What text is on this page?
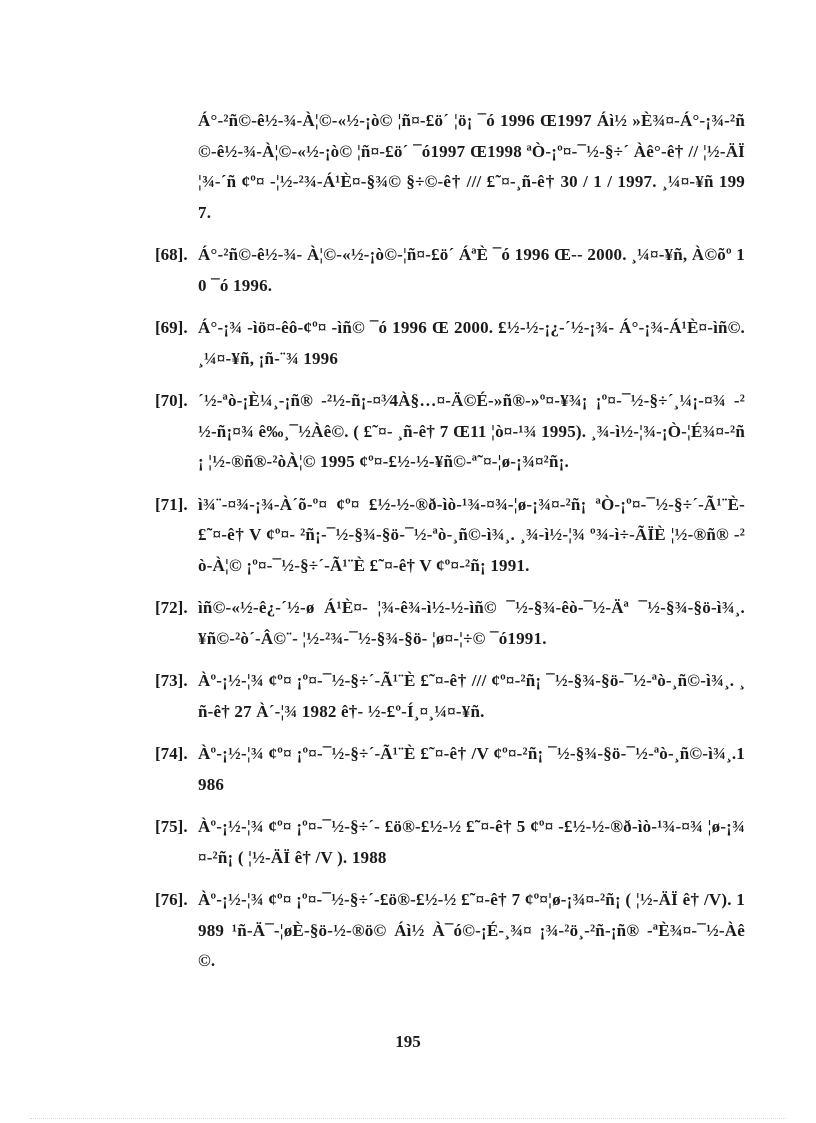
Á°-²ñ©-ê½-¾-À¦©-«½-¡ò© ¦ñ¤-£ö´ ¦ö¡ ¯ó 1996 Œ1997 Áì½ »È¾¤-Á°-¡¾-²ñ©-ê½-¾-À¦©-«½-¡ò© ¦ñ¤-£ö´ ¯ó1997 Œ1998 ªÒ-¡º¤-¯½-§÷´ Àê°-ê† // ¦½-ÄÏ ¦¾-´ñ ¢º¤ -¦½-²¾-Á¹È¤-§¾© §÷©-ê† /// £˜¤-¸ñ-ê† 30 / 1 / 1997. ¸¼¤-¥ñ 1997.
[68]. Á°-²ñ©-ê½-¾- À¦©-«½-¡ò©-¦ñ¤-£ö´ ÁªÈ ¯ó 1996 Œ-- 2000. ¸¼¤-¥ñ, À©õº 10 ¯ó 1996.
[69]. Á°-¡¾ -ìö¤-êô-¢º¤ -ìñ© ¯ó 1996 Œ 2000. £½-½-¡¿-´½-¡¾- Á°-¡¾-Á¹È¤-ìñ©. ¸¼¤-¥ñ, ¡ñ-¨¾ 1996
[70]. ´½-ªò-¡È¼¸-¡ñ® -²½-ñ¡-¤³⁄4À§…¤-Ä©É-»ñ®-»º¤-¥¾¡ ¡º¤-¯½-§÷´¸¼¡-¤¾ -²½-ñ¡¤¾ ê‰¸¯½Àê©. ( £˜¤- ¸ñ-ê† 7 Œ11 ¦ò¤-¹¾ 1995). ¸¾-ì½-¦¾-¡Ò-¦É¾¤-²ñ¡ ¦½-®ñ®-²òÀ¦© 1995 ¢º¤-£½-½-¥ñ©-ª˜¤-¦ø-¡¾¤²ñ¡.
[71]. ì¾¨-¤¾-¡¾-À´õ-º¤ ¢º¤ £½-½-®ð-ìò-¹¾-¤¾-¦ø-¡¾¤-²ñ¡ ªÒ-¡º¤-¯½-§÷´-Ã¹¨È-£˜¤-ê† V ¢º¤- ²ñ¡-¯½-§¾-§ö-¯½-ªò-¸ñ©-ì¾¸. ¸¾-ì½-¦¾ º¾-ì÷-ÃÏÈ ¦½-®ñ® -²ò-À¦© ¡º¤-¯½-§÷´-Ã¹¨È £˜¤-ê† V ¢º¤-²ñ¡ 1991.
[72]. ìñ©-«½-ê¿-´½-ø Á¹È¤- ¦¾-ê¾-ì½-½-ìñ© ¯½-§¾-êò-¯½-Äª ¯½-§¾-§ö-ì¾¸. ¥ñ©-²ò´-Â©¨- ¦½-²¾-¯½-§¾-§ö- ¦ø¤-¦÷© ¯ó1991.
[73]. Àº-¡½-¦¾ ¢º¤ ¡º¤-¯½-§÷´-Ã¹¨È £˜¤-ê† /// ¢º¤-²ñ¡ ¯½-§¾-§ö-¯½-ªò-¸ñ©-ì¾¸. ¸ñ-ê† 27 À´-¦¾ 1982 ê†- ½-£º-Í¸¤¸¼¤-¥ñ.
[74]. Àº-¡½-¦¾ ¢º¤ ¡º¤-¯½-§÷´-Ã¹¨È £˜¤-ê† /V ¢º¤-²ñ¡ ¯½-§¾-§ö-¯½-ªò-¸ñ©-ì¾¸.1986
[75]. Àº-¡½-¦¾ ¢º¤ ¡º¤-¯½-§÷´- £ö®-£½-½ £˜¤-ê† 5 ¢º¤ -£½-½-®ð-ìò-¹¾-¤¾ ¦ø-¡¾¤-²ñ¡ ( ¦½-ÄÏ ê† /V ). 1988
[76]. Àº-¡½-¦¾ ¢º¤ ¡º¤-¯½-§÷´-£ö®-£½-½ £˜¤-ê† 7 ¢º¤¦ø-¡¾¤-²ñ¡ ( ¦½-ÄÏ ê† /V). 1989 ¹ñ-Ä¯-¦øÈ-§ö-½-®ö© Áì½ À¯ó©-¡É-¸¾¤ ¡¾-²ö¸-²ñ-¡ñ® -ªÈ¾¤-¯½-Àê©.
195
